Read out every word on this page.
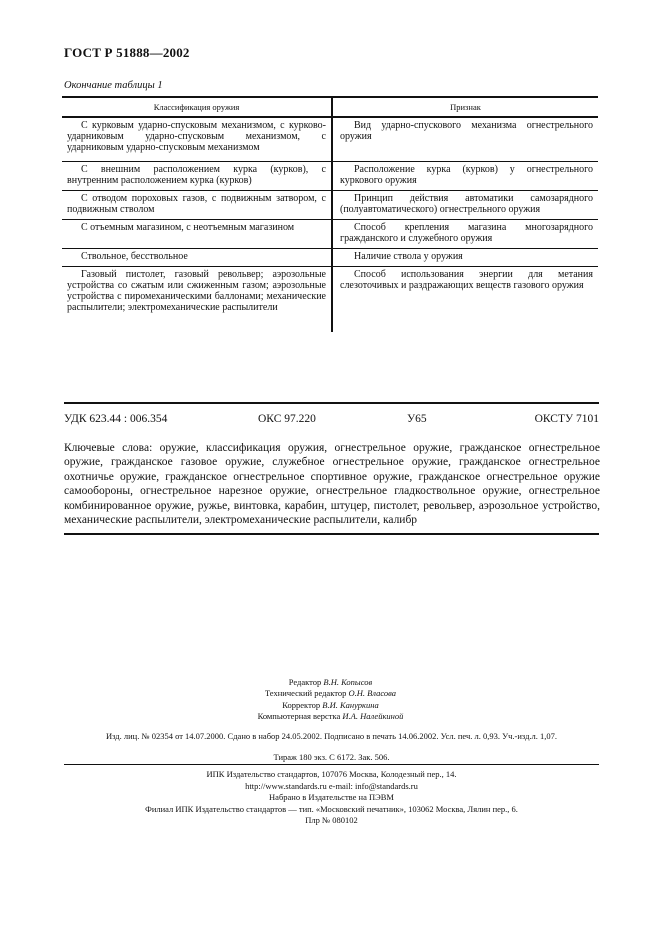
ГОСТ Р 51888—2002
Окончание таблицы 1
Классификация оружия	Признак
С курковым ударно-спусковым механизмом, с курково-ударниковым ударно-спусковым механизмом, с ударниковым ударно-спусковым механизмом	Вид ударно-спускового механизма огнестрельного оружия
С внешним расположением курка (курков), с внутренним расположением курка (курков)	Расположение курка (курков) у огнестрельного куркового оружия
С отводом пороховых газов, с подвижным затвором, с подвижным стволом	Принцип действия автоматики самозарядного (полуавтоматического) огнестрельного оружия
С отъемным магазином, с неотъемным магазином	Способ крепления магазина многозарядного гражданского и служебного оружия
Ствольное, бесствольное	Наличие ствола у оружия
Газовый пистолет, газовый револьвер; аэрозольные устройства со сжатым или сжиженным газом; аэрозольные устройства с пиромеханическими баллонами; механические распылители; электромеханические распылители	Способ использования энергии для метания слезоточивых и раздражающих веществ газового оружия
УДК 623.44 : 006.354	ОКС 97.220	У65	ОКСТУ 7101
Ключевые слова: оружие, классификация оружия, огнестрельное оружие, гражданское огнестрельное оружие, гражданское газовое оружие, служебное огнестрельное оружие, гражданское огнестрельное охотничье оружие, гражданское огнестрельное спортивное оружие, гражданское огнестрельное оружие самообороны, огнестрельное нарезное оружие, огнестрельное гладкоствольное оружие, огнестрельное комбинированное оружие, ружье, винтовка, карабин, штуцер, пистолет, револьвер, аэрозольное устройство, механические распылители, электромеханические распылители, калибр
Редактор В.Н. Копысов
Технический редактор О.Н. Власова
Корректор В.И. Кануркина
Компьютерная верстка И.А. Налейкиной
Изд. лиц. № 02354 от 14.07.2000. Сдано в набор 24.05.2002. Подписано в печать 14.06.2002. Усл. печ. л. 0,93. Уч.-изд.л. 1,07.
Тираж 180 экз. С 6172. Зак. 506.
ИПК Издательство стандартов, 107076 Москва, Колодезный пер., 14.
http://www.standards.ru e-mail: info@standards.ru
Набрано в Издательстве на ПЭВМ
Филиал ИПК Издательство стандартов — тип. «Московский печатник», 103062 Москва, Лялин пер., 6.
Плр № 080102
